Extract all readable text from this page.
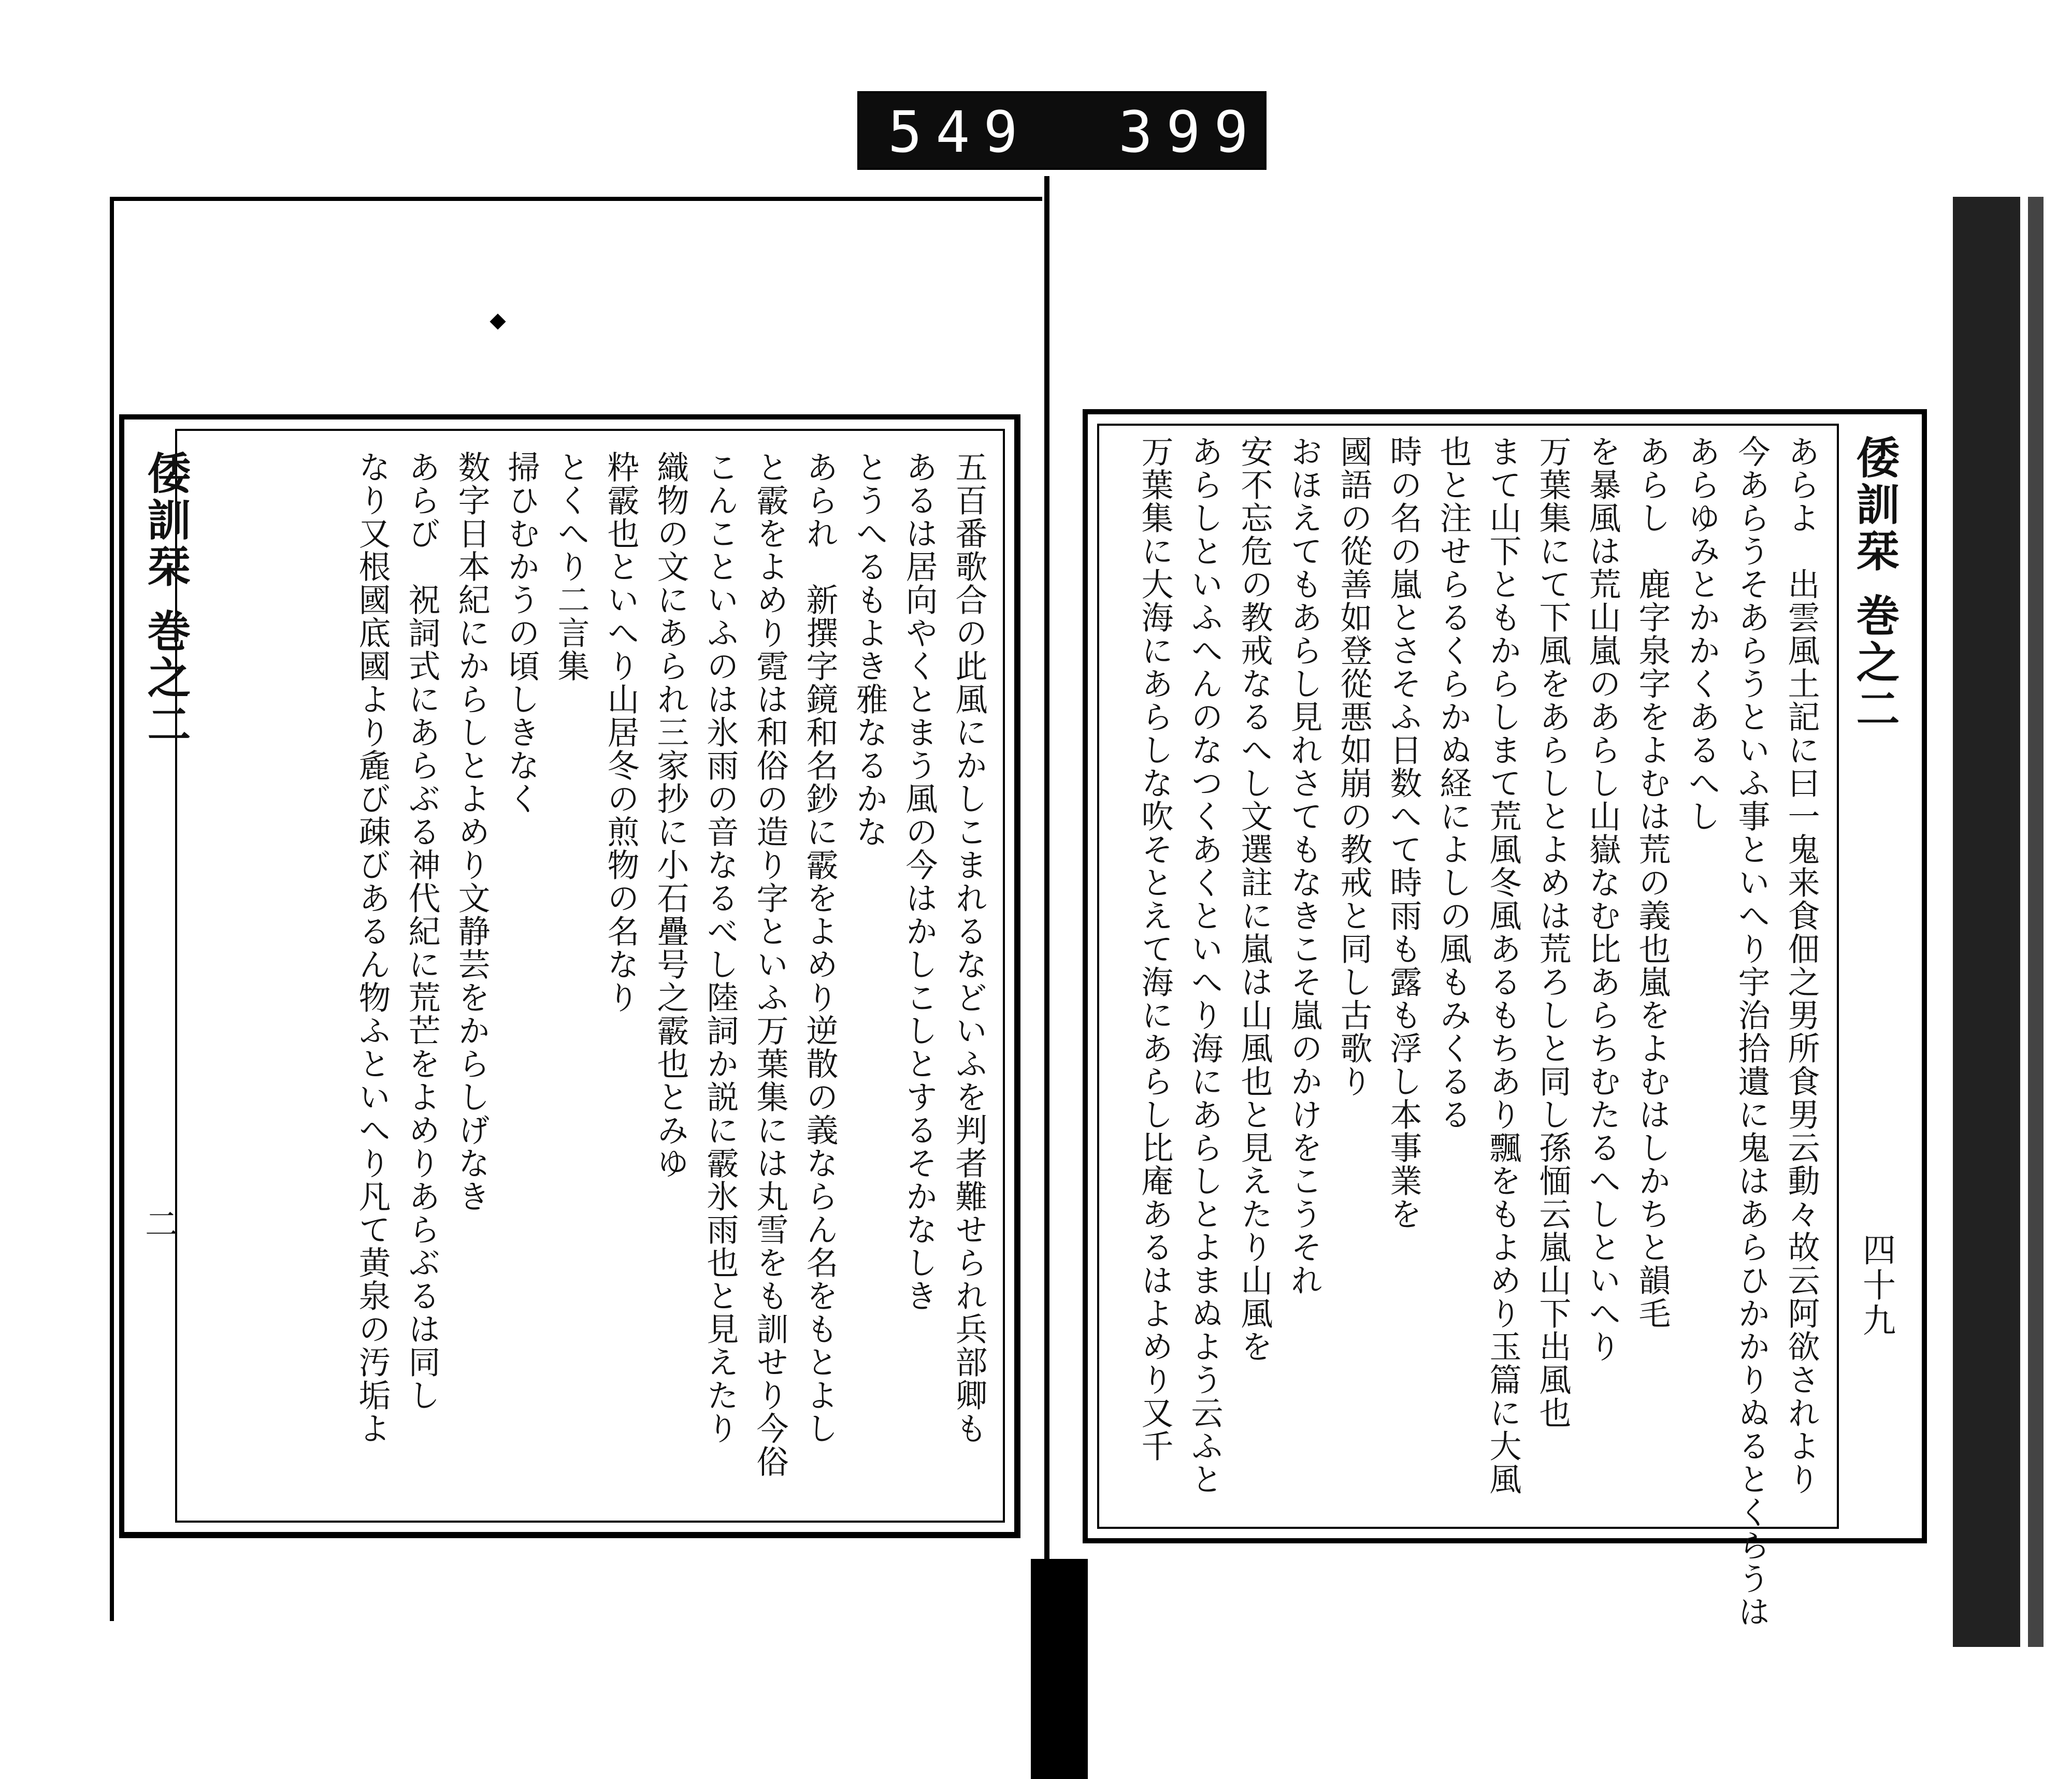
549 399
倭訓栞 巻之二
二	五百番歌合の此風にかしこまれるなどいふを判者難せられ兵部卿も

あるは居向やくとまう風の今はかしこしとするそかなしき

とうへるもよき雅なるかな

あられ　新撰字鏡和名鈔に霰をよめり逆散の義ならん名をもとよし

と霰をよめり霓は和俗の造り字といふ万葉集には丸雪をも訓せり今俗

こんこといふのは氷雨の音なるべし陸詞か説に霰氷雨也と見えたり

織物の文にあられ三家抄に小石疊号之霰也とみゆ

粋霰也といへり山居冬の煎物の名なり

とくへり二言集

掃ひむかうの頃しきなく

数字日本紀にからしとよめり文静芸をからしげなき

あらび　祝詞式にあらぶる神代紀に荒芒をよめりあらぶるは同し

なり又根國底國より麁び疎びあるん物ふといへり凡て黄泉の汚垢よ	倭訓栞 巻之二
四十九

あらよ　出雲風土記に曰一鬼来食佃之男所食男云動々故云阿欲されより

今あらうそあらうといふ事といへり宇治拾遺に鬼はあらひかかりぬるとくらうは

あらゆみとかかくあるへし

あらし　鹿字泉字をよむは荒の義也嵐をよむはしかちと韻毛

を暴風は荒山嵐のあらし山嶽なむ比あらちむたるへしといへり

万葉集にて下風をあらしとよめは荒ろしと同し孫愐云嵐山下出風也

まて山下ともからしまて荒風冬風あるもちあり飄をもよめり玉篇に大風

也と注せらるくらかぬ経によしの風もみくるる

時の名の嵐とさそふ日数へて時雨も露も浮し本事業を

國語の從善如登從悪如崩の教戒と同し古歌り

おほえてもあらし見れさてもなきこそ嵐のかけをこうそれ

安不忘危の教戒なるへし文選註に嵐は山風也と見えたり山風を

あらしといふへんのなつくあくといへり海にあらしとよまぬよう云ふと

万葉集に大海にあらしな吹そとえて海にあらし比庵あるはよめり又千
